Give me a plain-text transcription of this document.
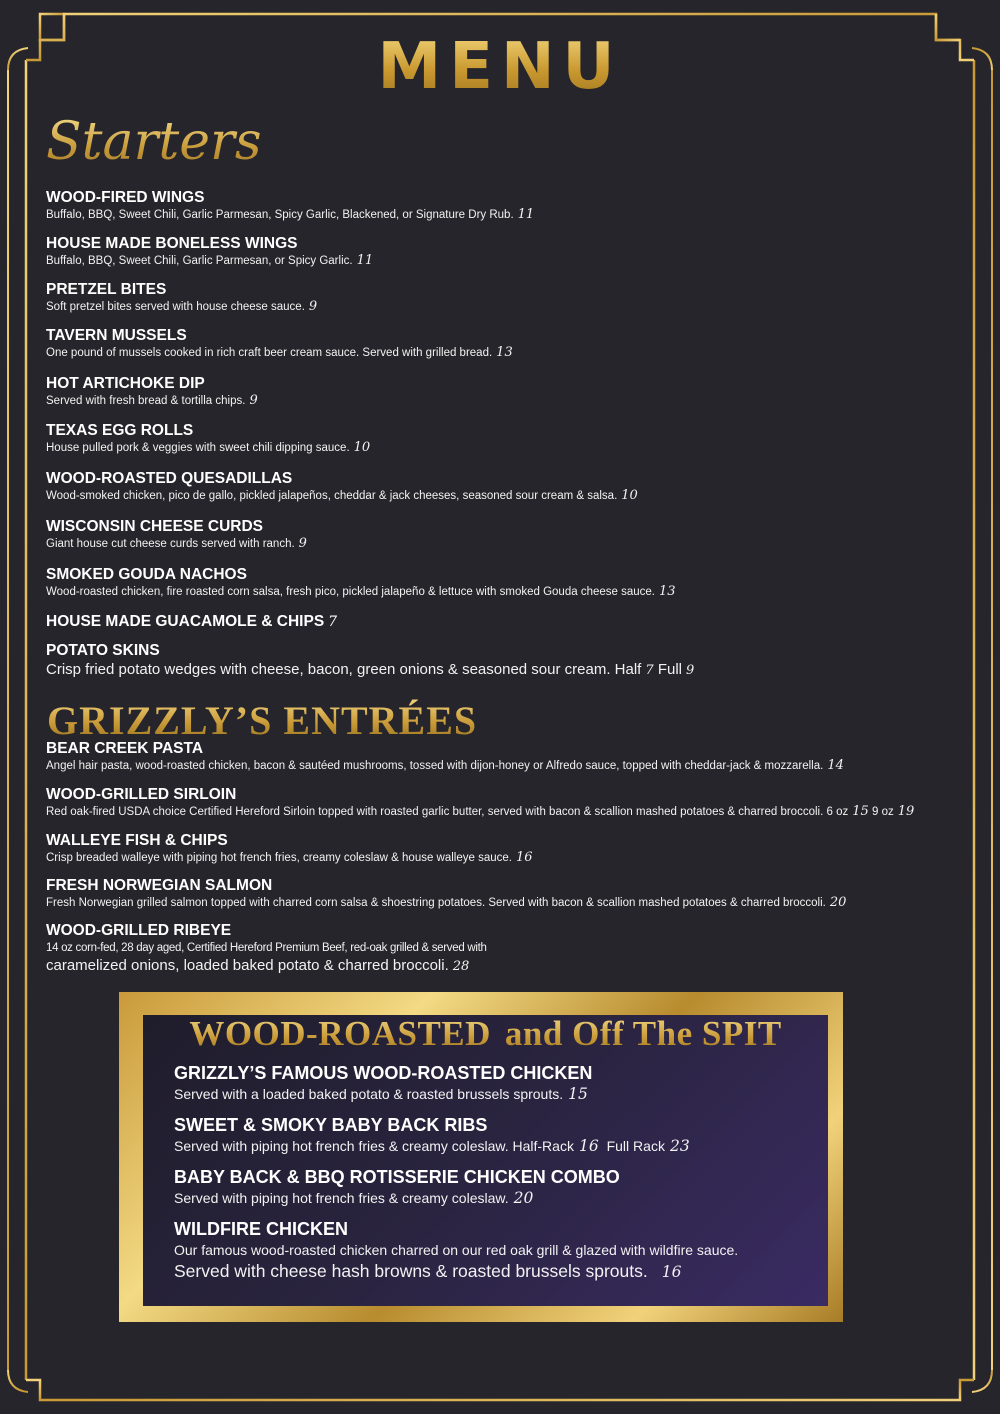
MENU
Starters
WOOD-FIRED WINGS
Buffalo, BBQ, Sweet Chili, Garlic Parmesan, Spicy Garlic, Blackened, or Signature Dry Rub. 11
HOUSE MADE BONELESS WINGS
Buffalo, BBQ, Sweet Chili, Garlic Parmesan, or Spicy Garlic. 11
PRETZEL BITES
Soft pretzel bites served with house cheese sauce. 9
TAVERN MUSSELS
One pound of mussels cooked in rich craft beer cream sauce. Served with grilled bread. 13
HOT ARTICHOKE DIP
Served with fresh bread & tortilla chips. 9
TEXAS EGG ROLLS
House pulled pork & veggies with sweet chili dipping sauce. 10
WOOD-ROASTED QUESADILLAS
Wood-smoked chicken, pico de gallo, pickled jalapeños, cheddar & jack cheeses, seasoned sour cream & salsa. 10
WISCONSIN CHEESE CURDS
Giant house cut cheese curds served with ranch. 9
SMOKED GOUDA NACHOS
Wood-roasted chicken, fire roasted corn salsa, fresh pico, pickled jalapeño & lettuce with smoked Gouda cheese sauce. 13
HOUSE MADE GUACAMOLE & CHIPS 7
POTATO SKINS
Crisp fried potato wedges with cheese, bacon, green onions & seasoned sour cream. Half 7 Full 9
GRIZZLY’S ENTRÉES
BEAR CREEK PASTA
Angel hair pasta, wood-roasted chicken, bacon & sautéed mushrooms, tossed with dijon-honey or Alfredo sauce, topped with cheddar-jack & mozzarella. 14
WOOD-GRILLED SIRLOIN
Red oak-fired USDA choice Certified Hereford Sirloin topped with roasted garlic butter, served with bacon & scallion mashed potatoes & charred broccoli. 6 oz 15 9 oz 19
WALLEYE FISH & CHIPS
Crisp breaded walleye with piping hot french fries, creamy coleslaw & house walleye sauce. 16
FRESH NORWEGIAN SALMON
Fresh Norwegian grilled salmon topped with charred corn salsa & shoestring potatoes. Served with bacon & scallion mashed potatoes & charred broccoli. 20
WOOD-GRILLED RIBEYE
14 oz corn-fed, 28 day aged, Certified Hereford Premium Beef, red-oak grilled & served with
caramelized onions, loaded baked potato & charred broccoli. 28
WOOD-ROASTED and Off The SPIT
GRIZZLY’S FAMOUS WOOD-ROASTED CHICKEN
Served with a loaded baked potato & roasted brussels sprouts. 15
SWEET & SMOKY BABY BACK RIBS
Served with piping hot french fries & creamy coleslaw. Half-Rack 16 Full Rack 23
BABY BACK & BBQ ROTISSERIE CHICKEN COMBO
Served with piping hot french fries & creamy coleslaw. 20
WILDFIRE CHICKEN
Our famous wood-roasted chicken charred on our red oak grill & glazed with wildfire sauce.
Served with cheese hash browns & roasted brussels sprouts. 16
